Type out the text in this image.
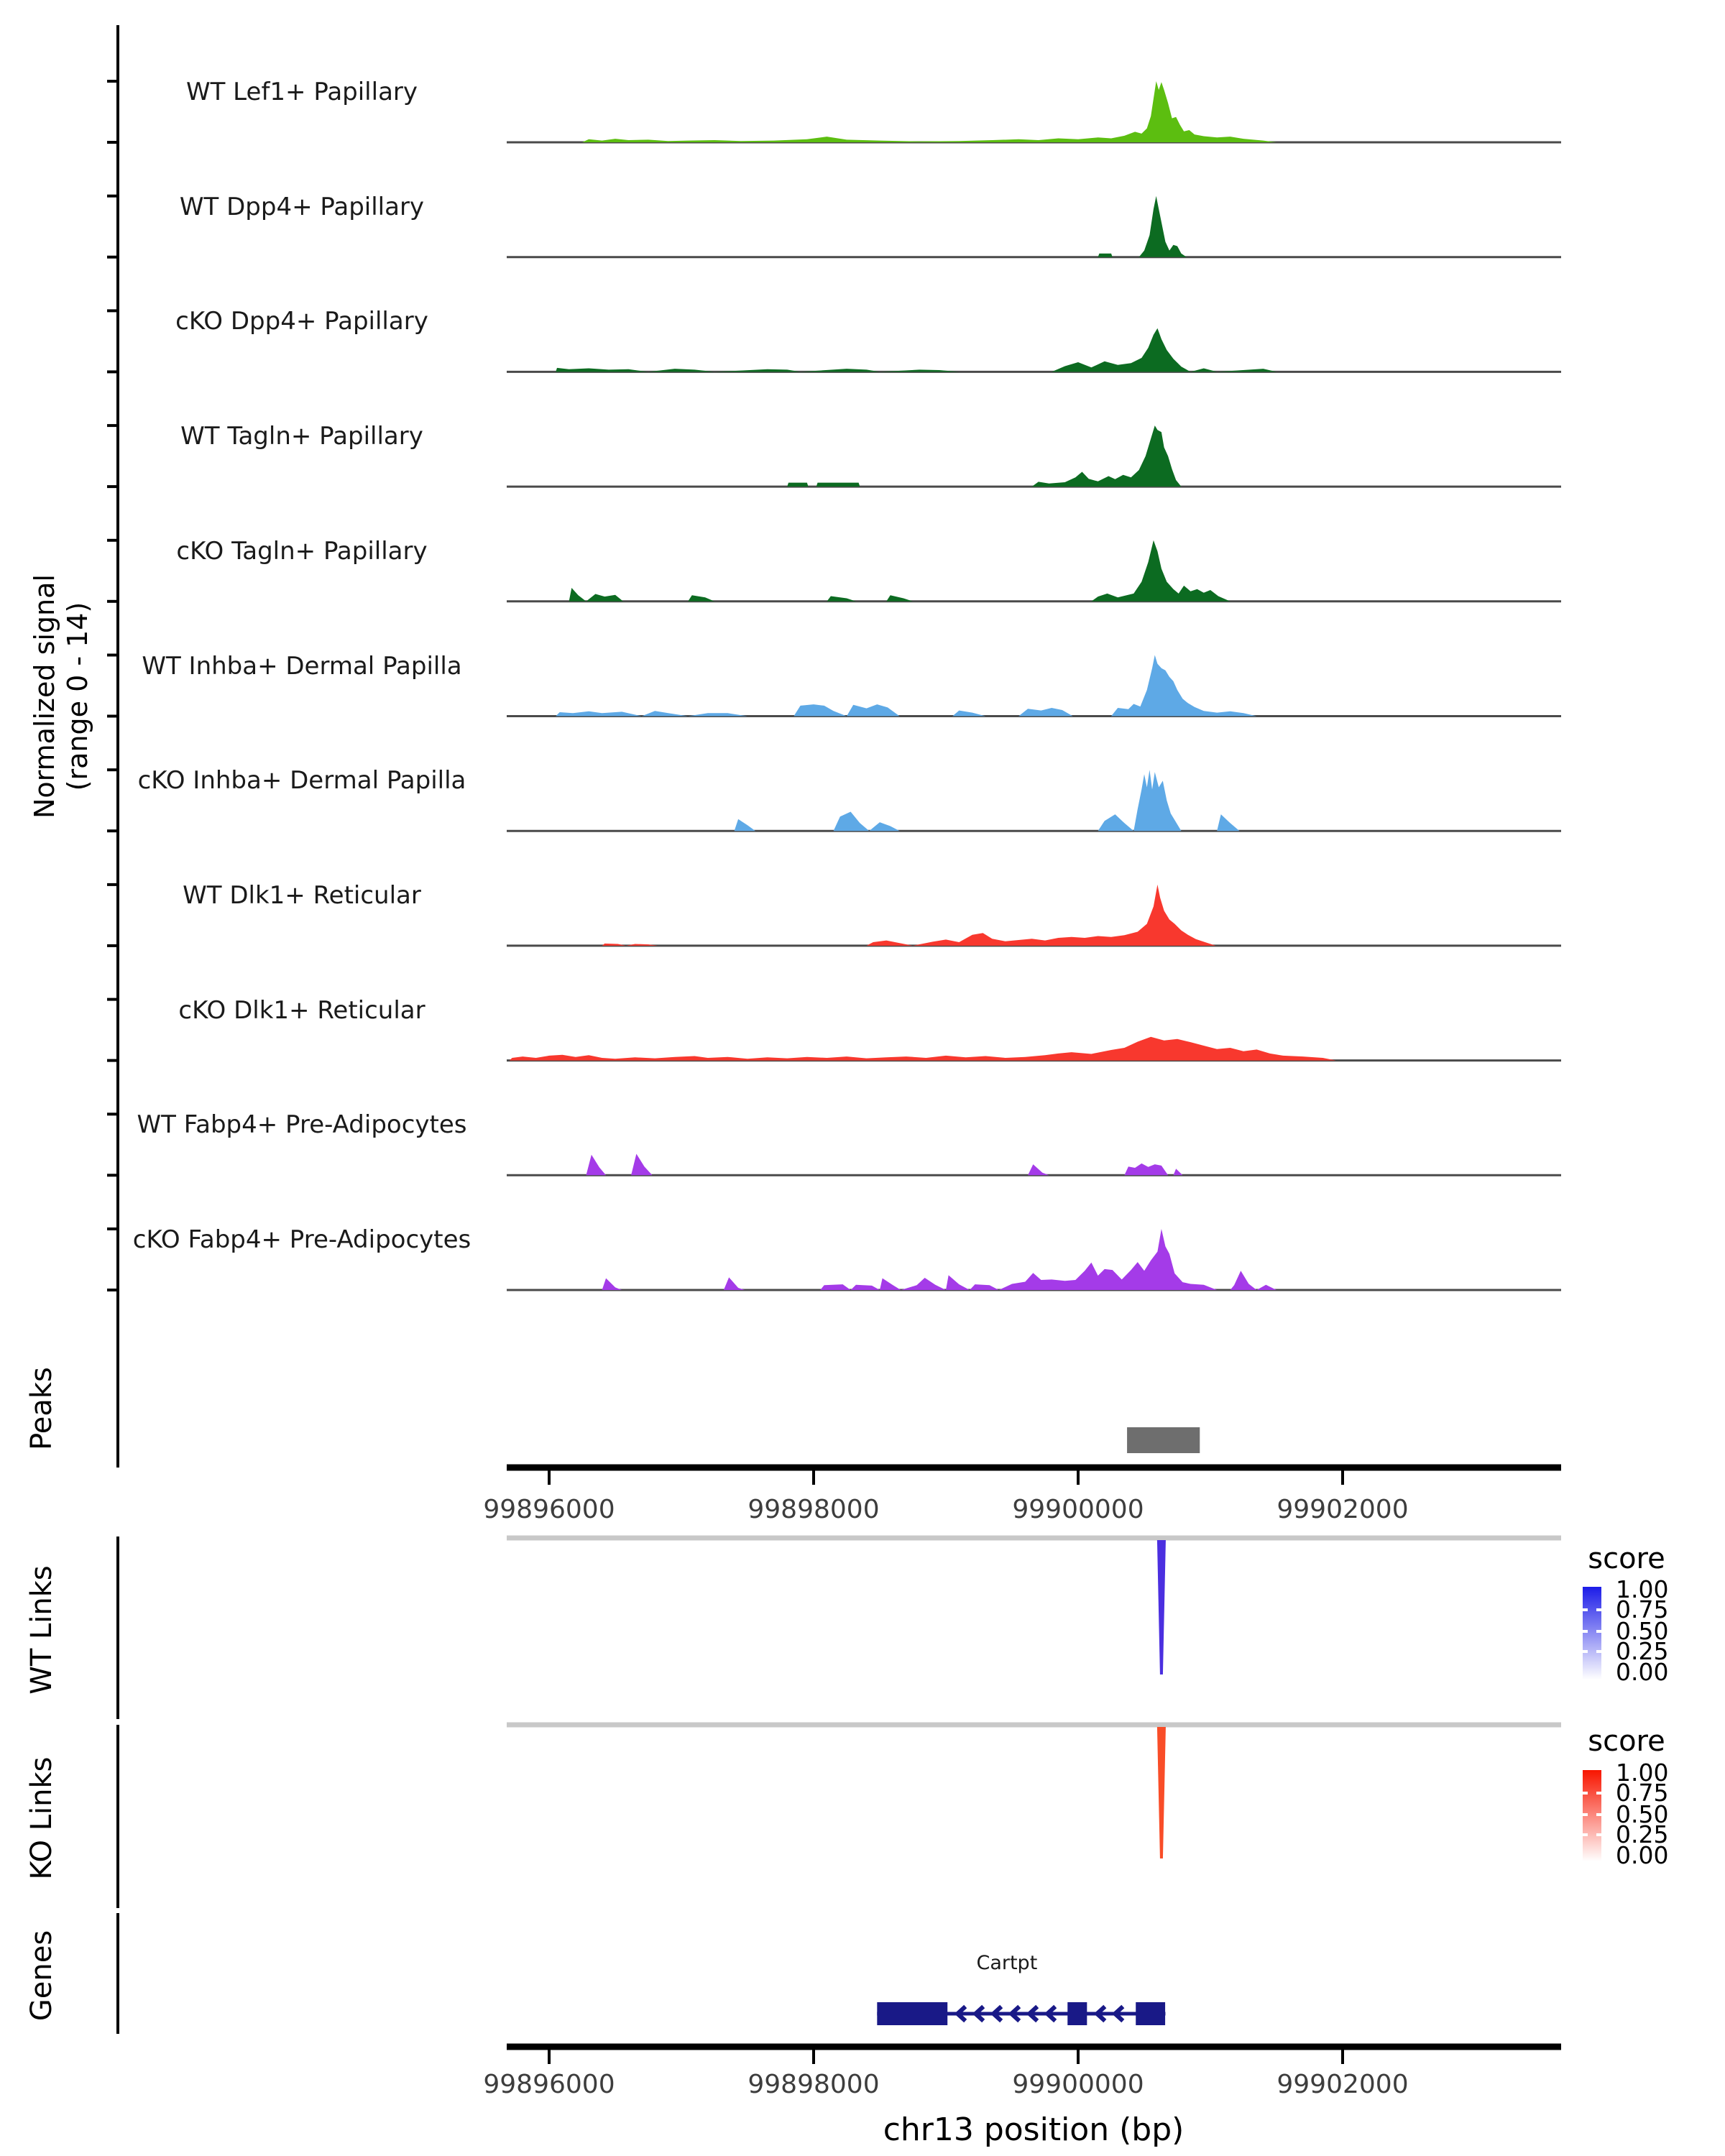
99896000	99898000	99900000	99902000
99896000	99898000	99900000	99902000
1.00
0.75
0.50
0.25
0.00
1.00
0.75
0.50
0.25
0.00
Cartpt
Normalized signal (range 0 - 14)
Peaks
WT Links
KO Links
Genes
score
score
chr13 position (bp)
WT Lef1+ Papillary
WT Dpp4+ Papillary
cKO Dpp4+ Papillary
WT Tagln+ Papillary
cKO Tagln+ Papillary
WT Inhba+ Dermal Papilla
cKO Inhba+ Dermal Papilla
WT Dlk1+ Reticular
cKO Dlk1+ Reticular
WT Fabp4+ Pre-Adipocytes
cKO Fabp4+ Pre-Adipocytes
